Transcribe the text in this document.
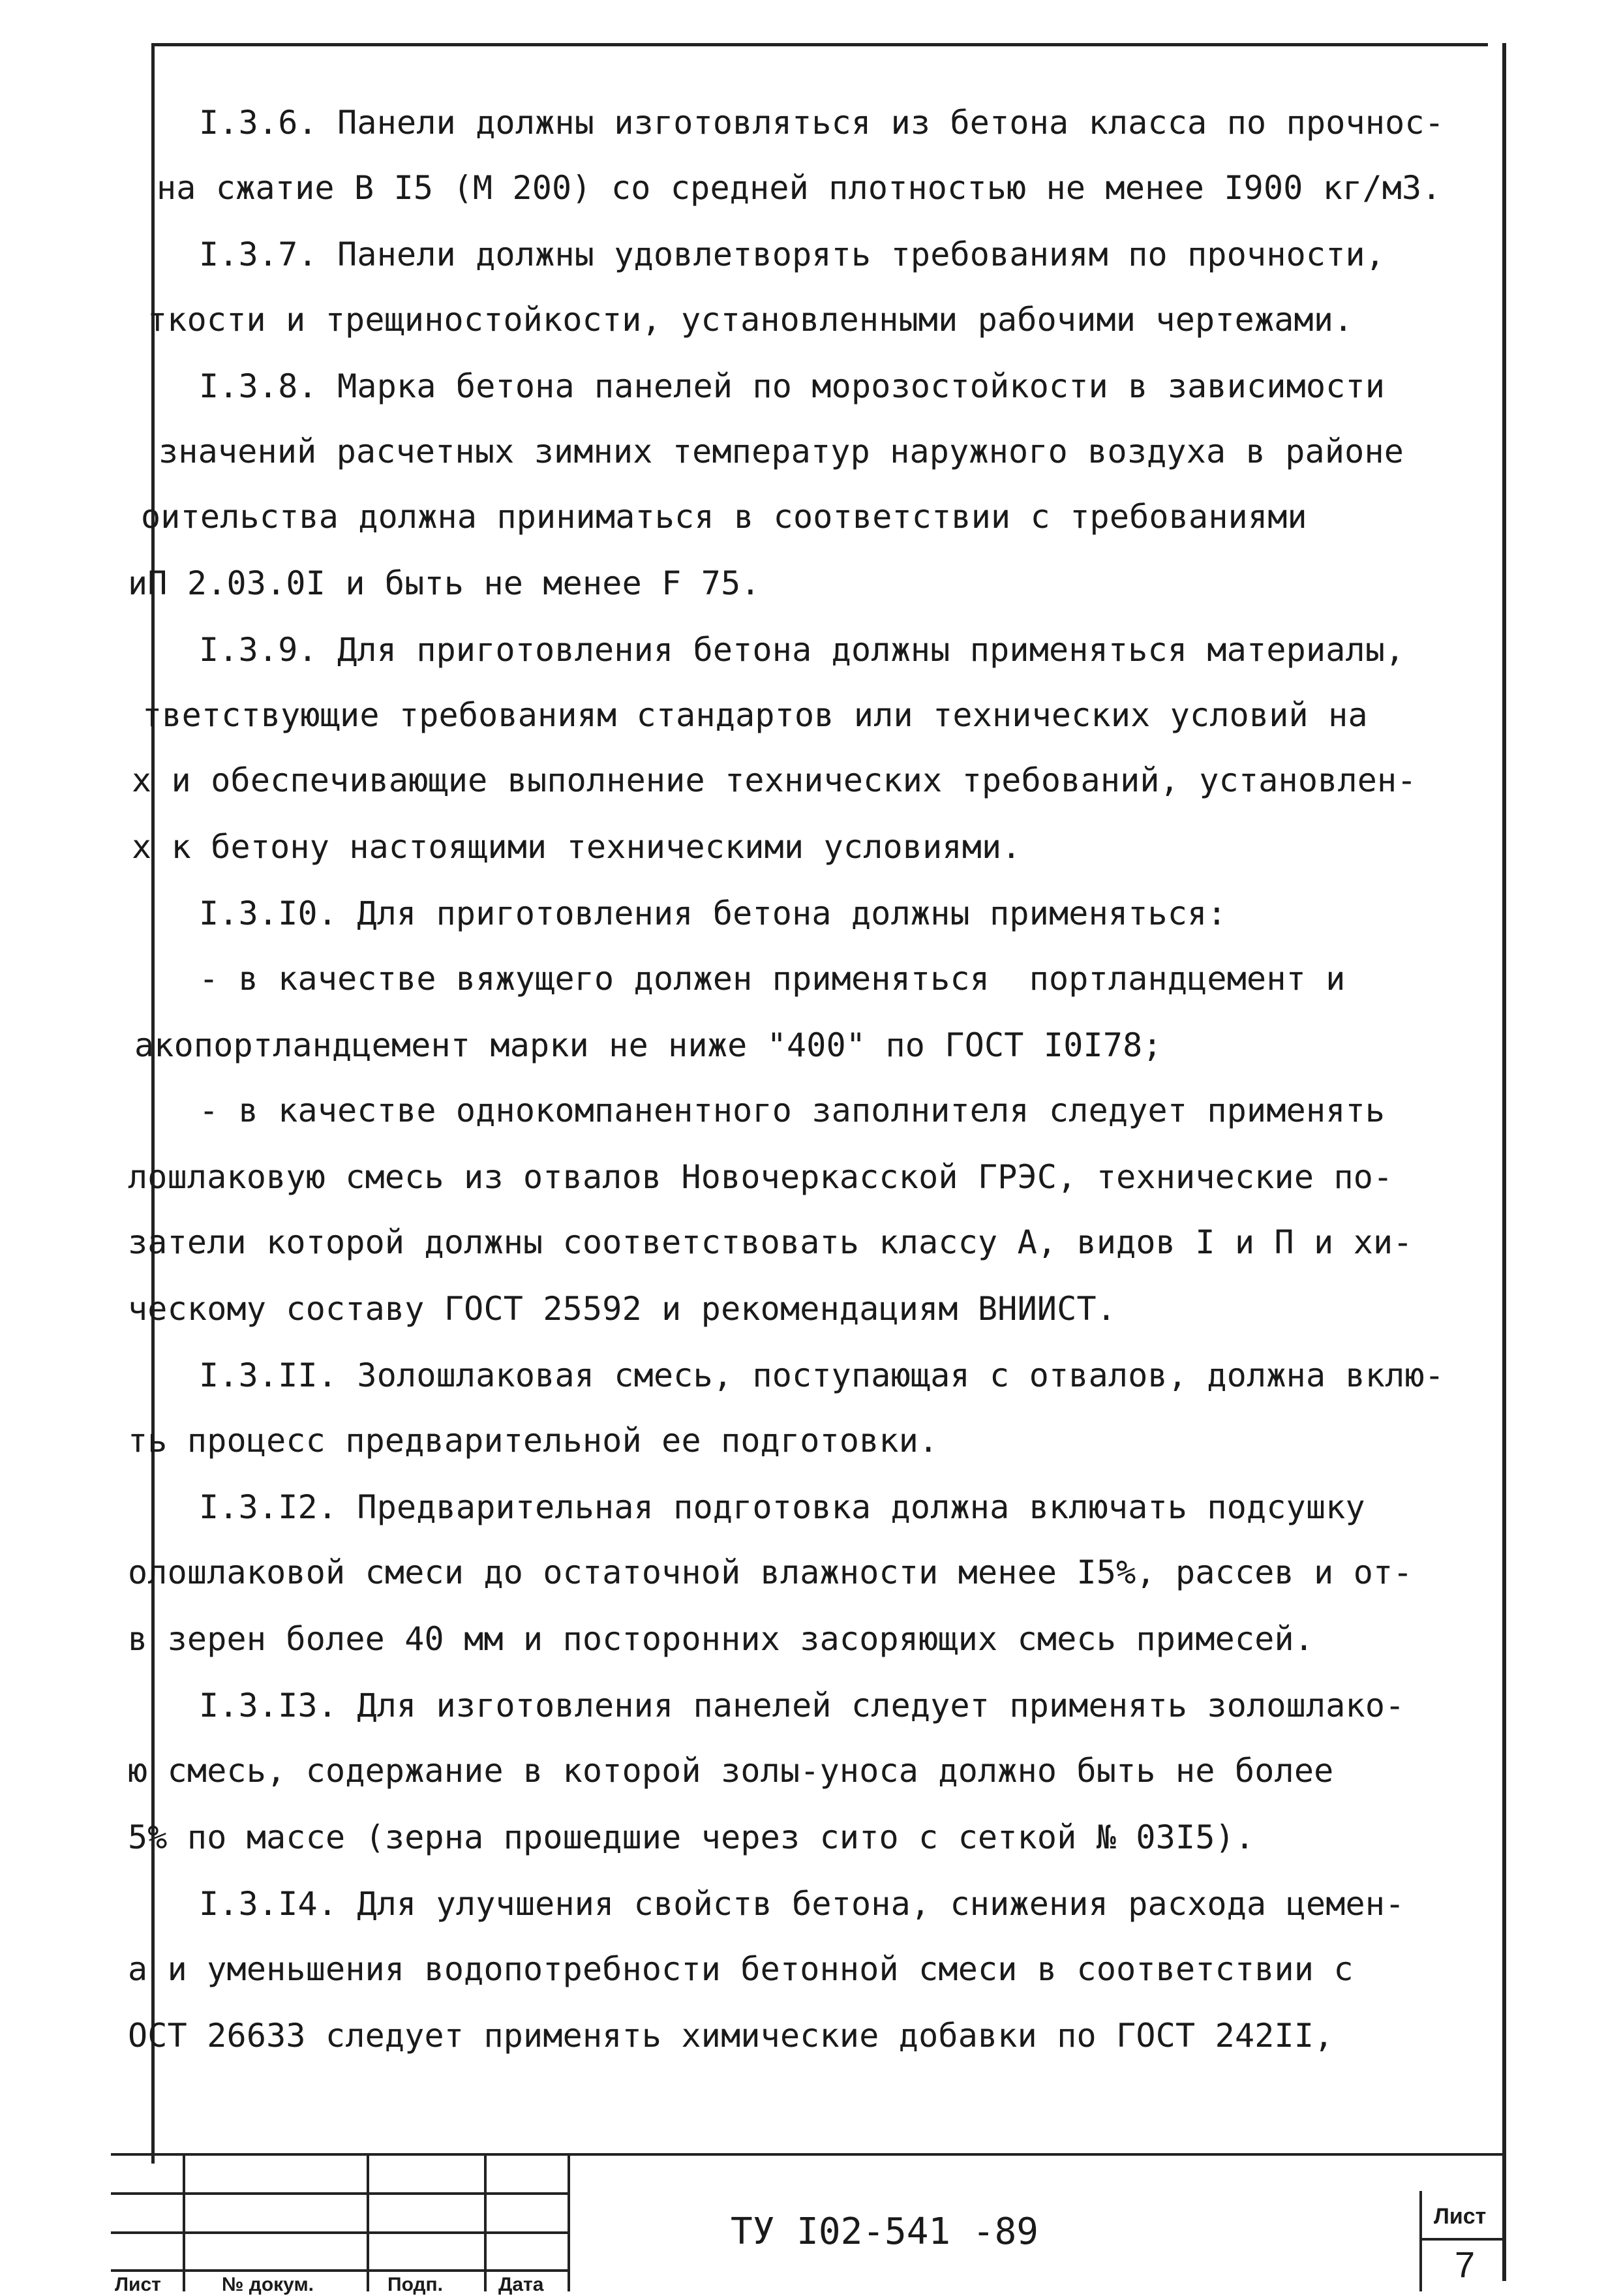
I.3.6. Панели должны изготовляться из бетона класса по прочнос-
на сжатие В I5 (М 200) со средней плотностью не менее I900 кг/м3.
I.3.7. Панели должны удовлетворять требованиям по прочности,
ткости и трещиностойкости, установленными рабочими чертежами.
I.3.8. Марка бетона панелей по морозостойкости в зависимости
значений расчетных зимних температур наружного воздуха в районе
оительства должна приниматься в соответствии с требованиями
иП 2.03.0I и быть не менее F 75.
I.3.9. Для приготовления бетона должны применяться материалы,
тветствующие требованиям стандартов или технических условий на
х и обеспечивающие выполнение технических требований, установлен-
х к бетону настоящими техническими условиями.
I.3.I0. Для приготовления бетона должны применяться:
- в качестве вяжущего должен применяться  портландцемент и
акопортландцемент марки не ниже "400" по ГОСТ I0I78;
- в качестве однокомпанентного заполнителя следует применять
лошлаковую смесь из отвалов Новочеркасской ГРЭС, технические по-
затели которой должны соответствовать классу А, видов I и П и хи-
ческому составу ГОСТ 25592 и рекомендациям ВНИИСТ.
I.3.II. Золошлаковая смесь, поступающая с отвалов, должна вклю-
ть процесс предварительной ее подготовки.
I.3.I2. Предварительная подготовка должна включать подсушку
олошлаковой смеси до остаточной влажности менее I5%, рассев и от-
в зерен более 40 мм и посторонних засоряющих смесь примесей.
I.3.I3. Для изготовления панелей следует применять золошлако-
ю смесь, содержание в которой золы-уноса должно быть не более
5% по массе (зерна прошедшие через сито с сеткой № 03I5).
I.3.I4. Для улучшения свойств бетона, снижения расхода цемен-
а и уменьшения водопотребности бетонной смеси в соответствии с
ОСТ 26633 следует применять химические добавки по ГОСТ 242II,
Лист	№ докум.	Подп.	Дата
ТУ I02-541 -89	Лист
7
